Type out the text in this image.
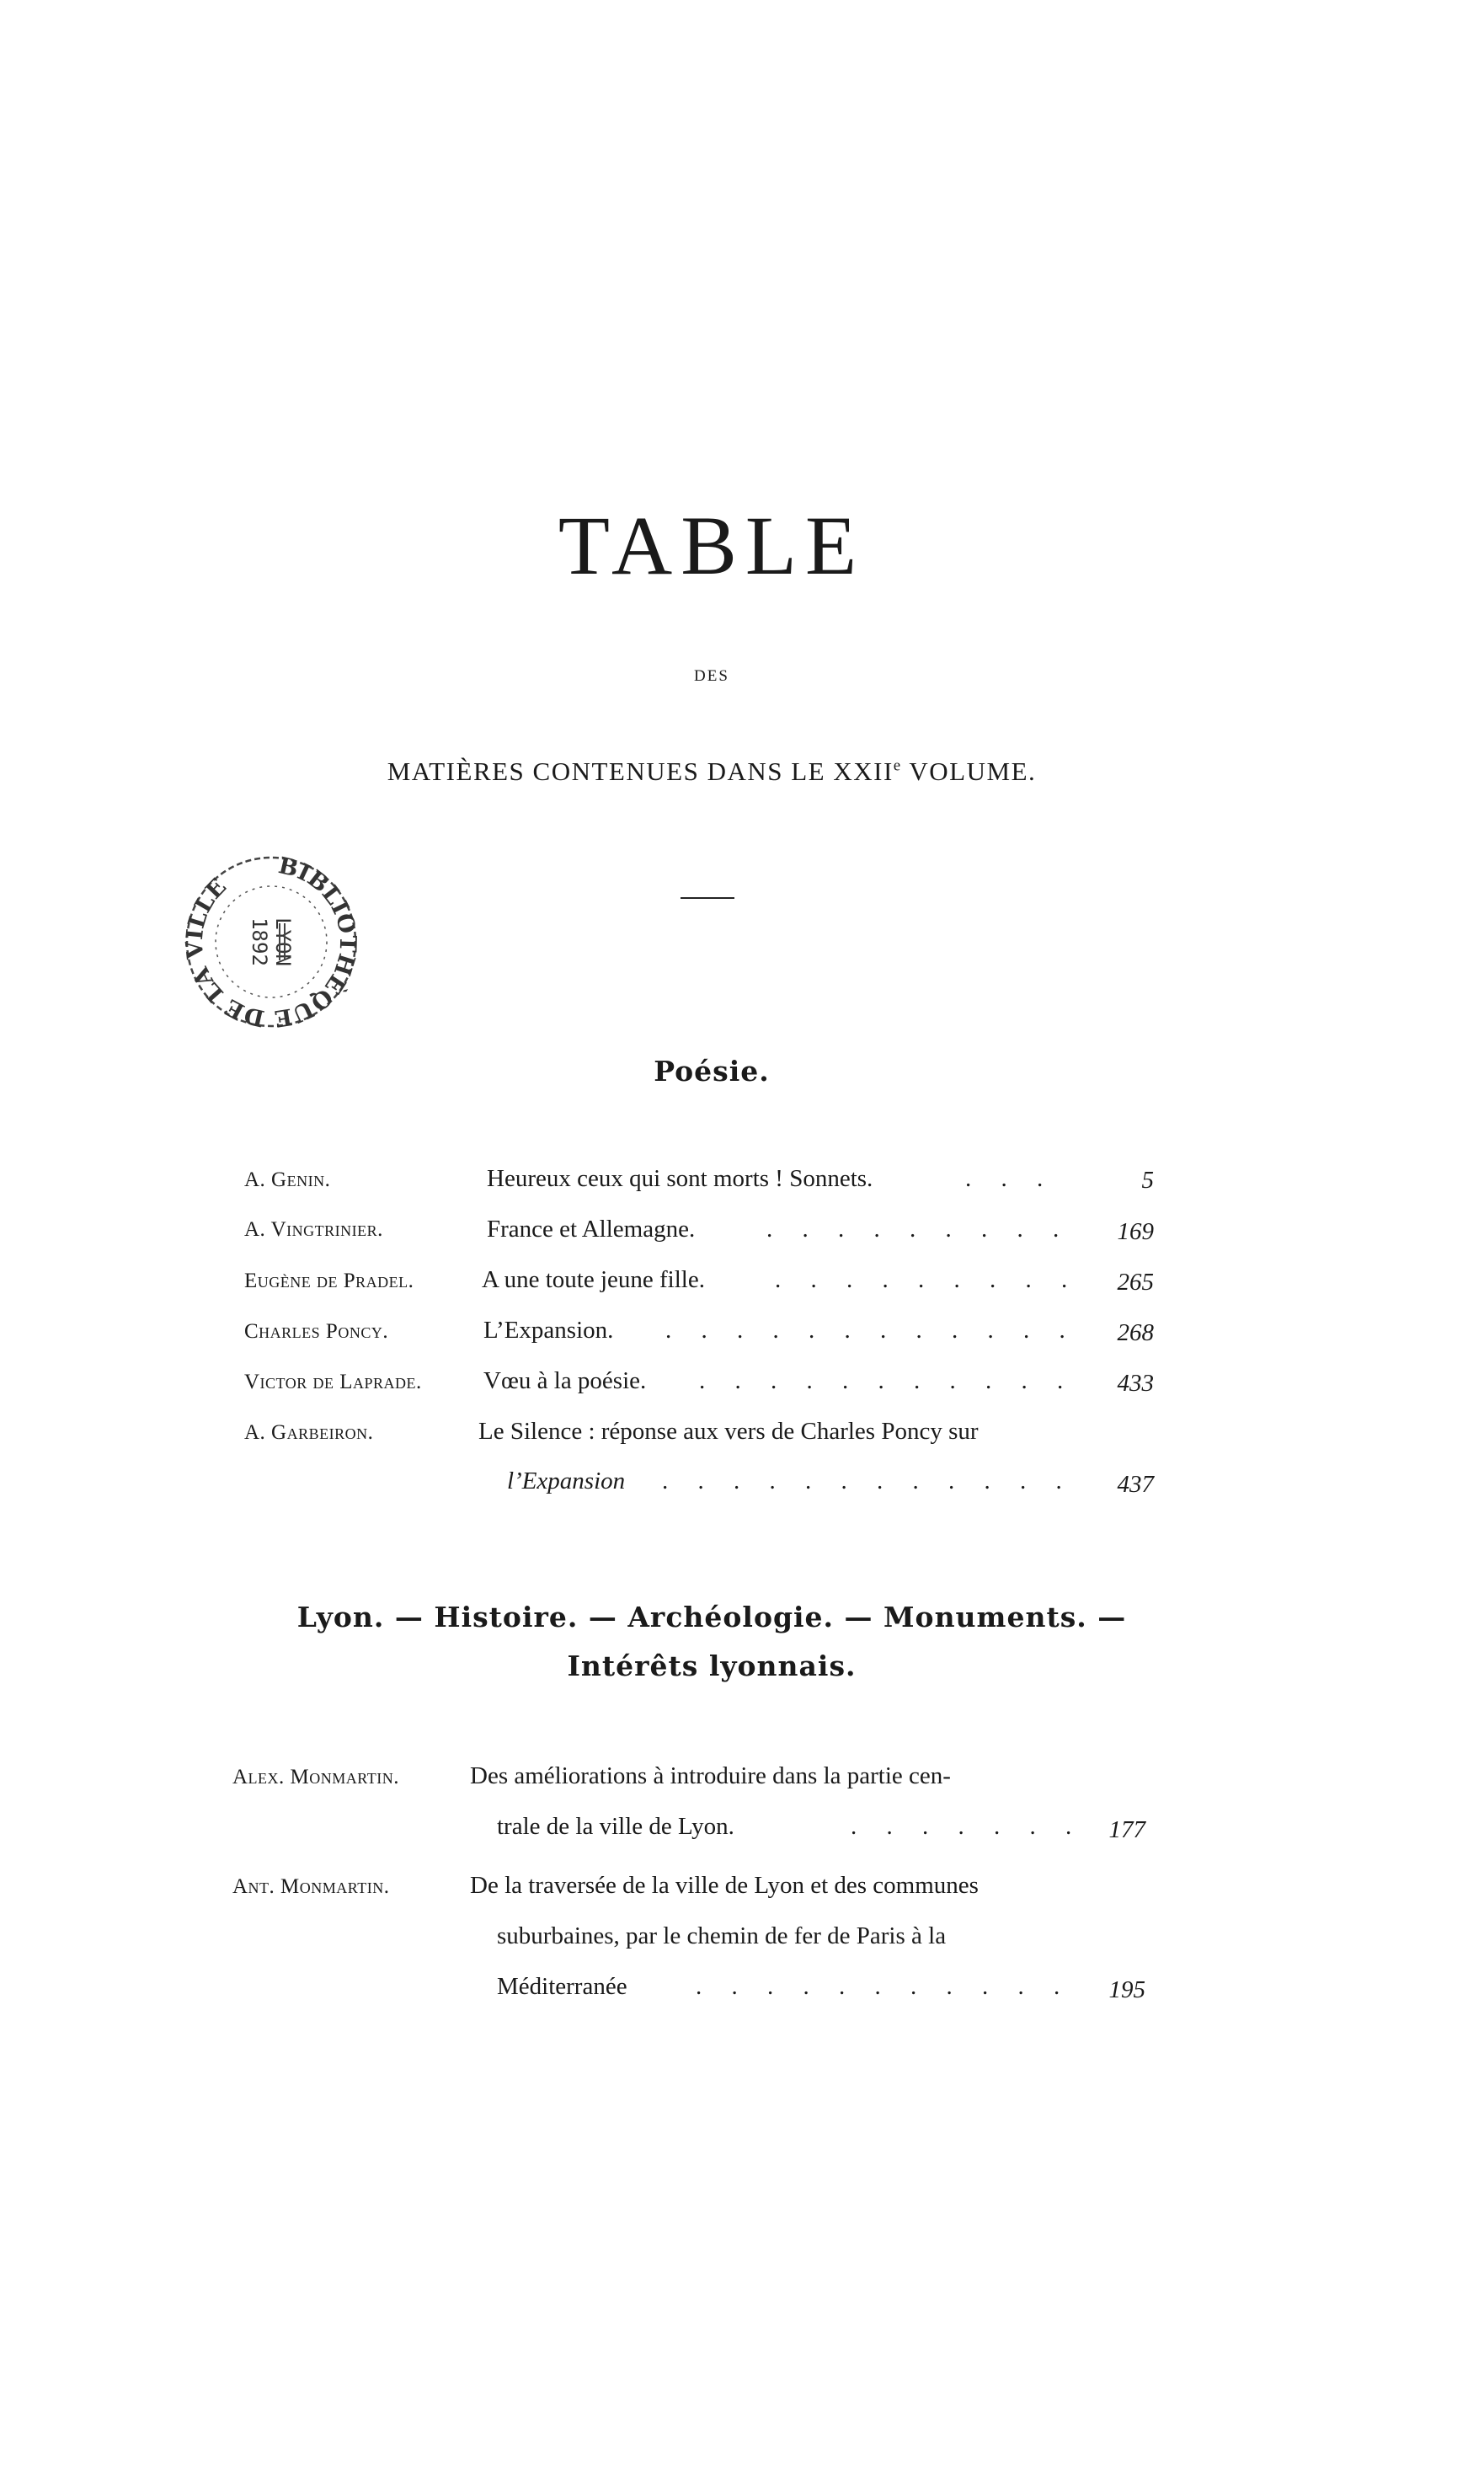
TABLE
DES
MATIÈRES CONTENUES DANS LE XXIIe VOLUME.
BIBLIOTHÈQUE DE LA VILLE
LYON
1892
Poésie.
A. Genin.	Heureux ceux qui sont morts ! Sonnets.	. . .	5
A. Vingtrinier.	France et Allemagne.	. . . . . . . . .	169
Eugène de Pradel.	A une toute jeune fille.	. . . . . . . . .	265
Charles Poncy.	L’Expansion. . . . . . . . . . . . .	268
Victor de Laprade.	Vœu à la poésie. . . . . . . . . . . .	433
A. Garbeiron.	Le Silence : réponse aux vers de Charles Poncy sur
l’Expansion . . . . . . . . . . . .	437
Lyon. — Histoire. — Archéologie. — Monuments. —
Intérêts lyonnais.
Alex. Monmartin.	Des améliorations à introduire dans la partie cen-
trale de la ville de Lyon.	. . . . . . .	177
Ant. Monmartin.	De la traversée de la ville de Lyon et des communes
suburbaines, par le chemin de fer de Paris à la
Méditerranée	. . . . . . . . . . .	195
